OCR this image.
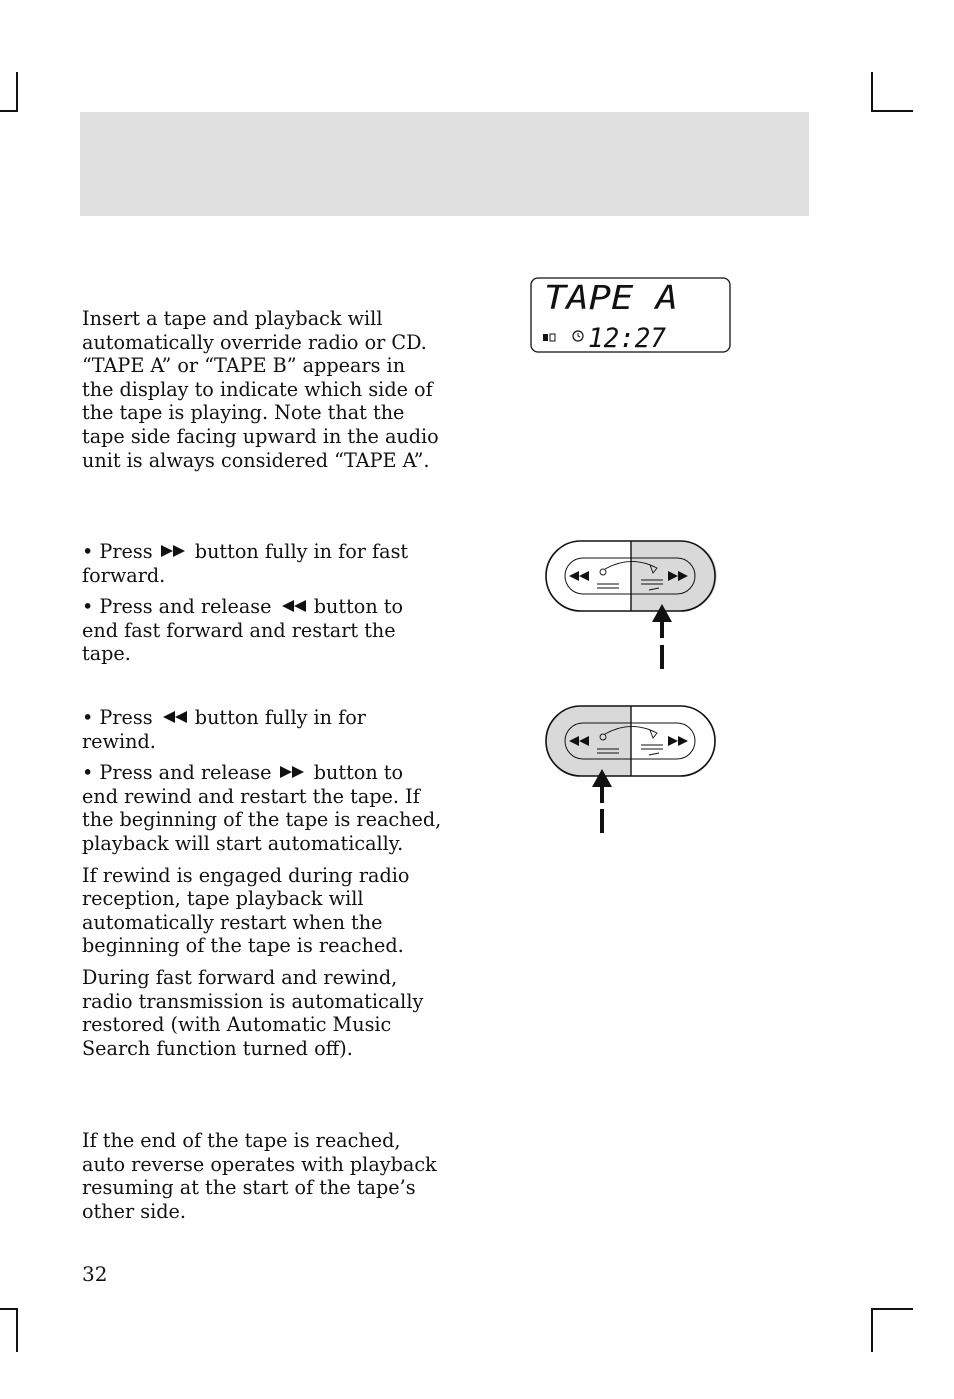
Insert a tape and playback will automatically override radio or CD. “TAPE A” or “TAPE B” appears in the display to indicate which side of the tape is playing. Note that the tape side facing upward in the audio unit is always considered “TAPE A”.

• Press button fully in for fast forward.

• Press and release button to end fast forward and restart the tape.

• Press button fully in for rewind.

• Press and release button to end rewind and restart the tape. If the beginning of the tape is reached, playback will start automatically.

If rewind is engaged during radio reception, tape playback will automatically restart when the beginning of the tape is reached.

During fast forward and rewind, radio transmission is automatically restored (with Automatic Music Search function turned off).

If the end of the tape is reached, auto reverse operates with playback resuming at the start of the tape’s other side.

32
TAPE A
12:27
